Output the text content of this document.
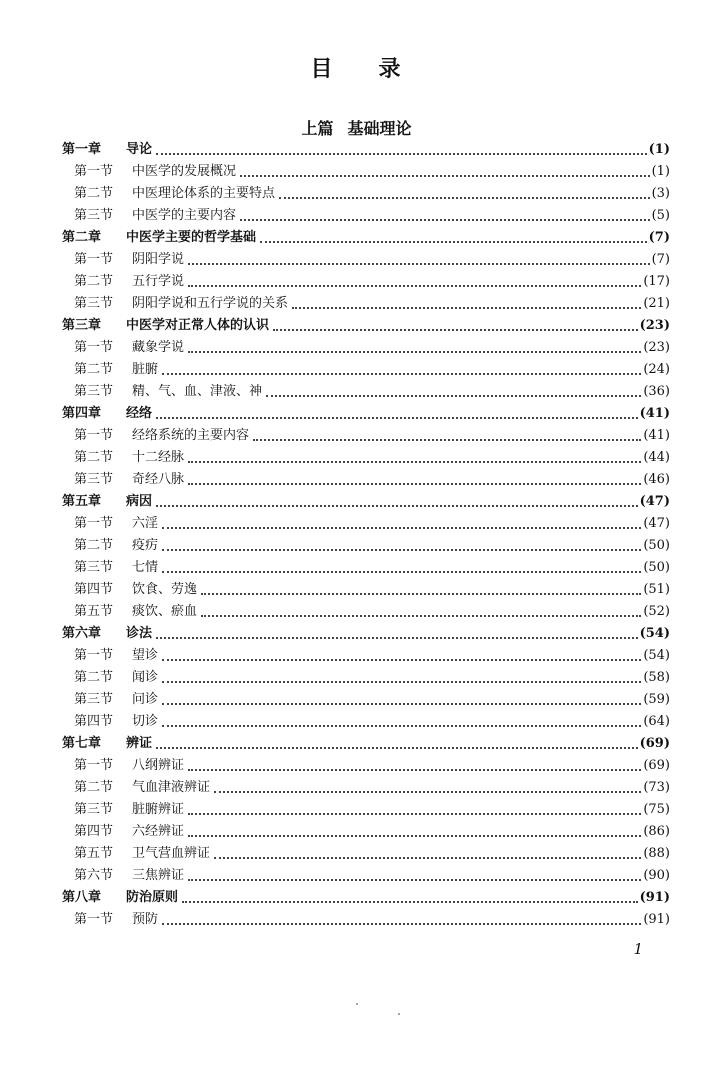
目 录
上篇 基础理论
第一章	导论	(1)
第一节	中医学的发展概况	(1)
第二节	中医理论体系的主要特点	(3)
第三节	中医学的主要内容	(5)
第二章	中医学主要的哲学基础	(7)
第一节	阴阳学说	(7)
第二节	五行学说	(17)
第三节	阴阳学说和五行学说的关系	(21)
第三章	中医学对正常人体的认识	(23)
第一节	藏象学说	(23)
第二节	脏腑	(24)
第三节	精、气、血、津液、神	(36)
第四章	经络	(41)
第一节	经络系统的主要内容	(41)
第二节	十二经脉	(44)
第三节	奇经八脉	(46)
第五章	病因	(47)
第一节	六淫	(47)
第二节	疫疠	(50)
第三节	七情	(50)
第四节	饮食、劳逸	(51)
第五节	痰饮、瘀血	(52)
第六章	诊法	(54)
第一节	望诊	(54)
第二节	闻诊	(58)
第三节	问诊	(59)
第四节	切诊	(64)
第七章	辨证	(69)
第一节	八纲辨证	(69)
第二节	气血津液辨证	(73)
第三节	脏腑辨证	(75)
第四节	六经辨证	(86)
第五节	卫气营血辨证	(88)
第六节	三焦辨证	(90)
第八章	防治原则	(91)
第一节	预防	(91)
1
